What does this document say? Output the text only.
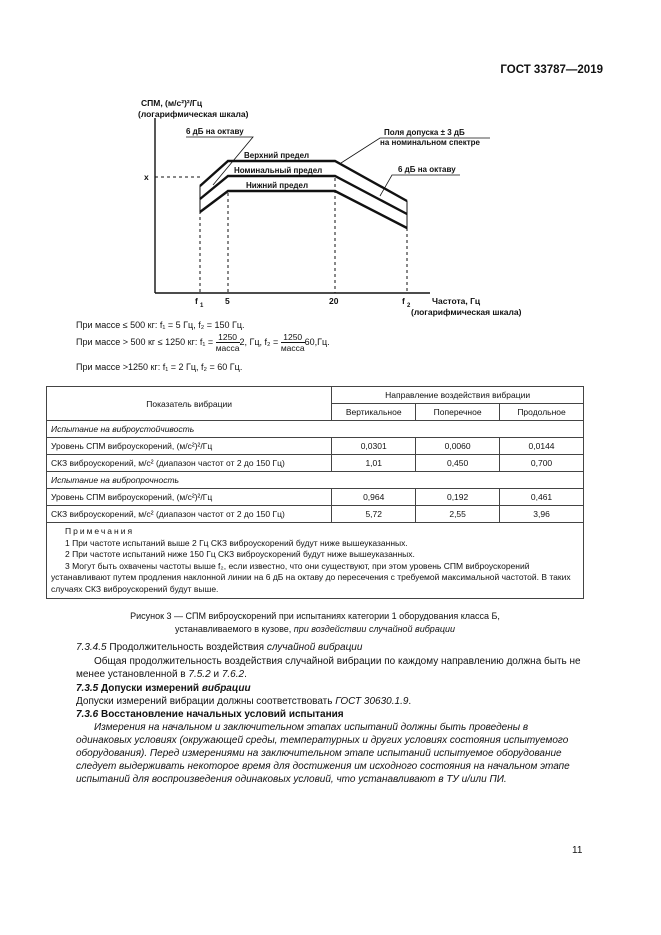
ГОСТ 33787—2019
СПМ, (м/с²)²/Гц
(логарифмическая шкала)
x
Верхний предел
Номинальный предел
Нижний предел
6 дБ на октаву	Поля допуска ± 3 дБ
на номинальном спектре
6 дБ на октаву
f 1	5	20	f 2	Частота, Гц
(логарифмическая шкала)
При массе ≤ 500 кг: f₁ = 5 Гц, f₂ = 150 Гц.
При массе > 500 кг ≤ 1250 кг: $f_1 = \frac{1250}{\text{масса}} 2$, Гц, $f_2 = \frac{1250}{\text{масса}} 60,Гц$.
При массе >1250 кг: f₁ = 2 Гц, f₂ = 60 Гц.
Показатель вибрации	Направление воздействия вибрации		
	Вертикальное	Поперечное	Продольное
Испытание на виброустойчивость			
Уровень СПМ виброускорений, (м/с²)²/Гц	0,0301	0,0060	0,0144
СКЗ виброускорений, м/с² (диапазон частот от 2 до 150 Гц)	1,01	0,450	0,700
Испытание на вибропрочность			
Уровень СПМ виброускорений, (м/с²)²/Гц	0,964	0,192	0,461
СКЗ виброускорений, м/с² (диапазон частот от 2 до 150 Гц)	5,72	2,55	3,96

Примечания
1 При частоте испытаний выше 2 Гц СКЗ виброускорений будут ниже вышеуказанных.
2 При частоте испытаний ниже 150 Гц СКЗ виброускорений будут ниже вышеуказанных.
3 Могут быть охвачены частоты выше f₂, если известно, что они существуют, при этом уровень СПМ виброускорений устанавливают путем продления наклонной линии на 6 дБ на октаву до пересечения с требуемой максимальной частотой. В таких случаях СКЗ виброускорений будут выше.			
Рисунок 3 — СПМ виброускорений при испытаниях категории 1 оборудования класса Б,
устанавливаемого в кузове, при воздействии случайной вибрации
7.3.4.5 Продолжительность воздействия случайной вибрации
Общая продолжительность воздействия случайной вибрации по каждому направлению должна быть не менее установленной в 7.5.2 и 7.6.2.
7.3.5 Допуски измерений вибрации
Допуски измерений вибрации должны соответствовать ГОСТ 30630.1.9.
7.3.6 Восстановление начальных условий испытания
Измерения на начальном и заключительном этапах испытаний должны быть проведены в одинаковых условиях (окружающей среды, температурных и других условиях состояния испытуемого оборудования). Перед измерениями на заключительном этапе испытаний испытуемое оборудование следует выдерживать некоторое время для достижения им исходного состояния на начальном этапе испытаний для воспроизведения одинаковых условий, что устанавливают в ТУ и/или ПИ.
11
